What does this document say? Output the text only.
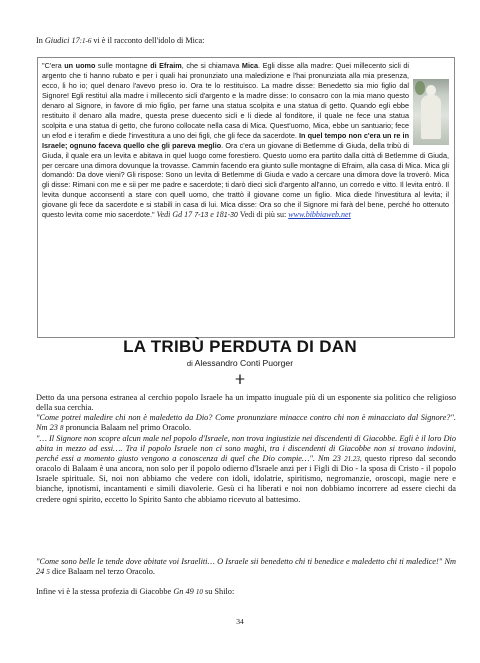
In Giudici 17:1-6 vi è il racconto dell'idolo di Mica:
"C'era un uomo sulle montagne di Efraim, che si chiamava Mica. Egli disse alla madre: Quei millecento sicli di argento che ti hanno rubato e per i quali hai pronunziato una maledizione e l'hai pronunziata alla mia presenza, ecco, li ho io; quel denaro l'avevo preso io. Ora te lo restituisco. La madre disse: Benedetto sia mio figlio dal Signore! Egli restituì alla madre i millecento sicli d'argento e la madre disse: Io consacro con la mia mano questo denaro al Signore, in favore di mio figlio, per farne una statua scolpita e una statua di getto. Quando egli ebbe restituito il denaro alla madre, questa prese duecento sicli e li diede al fonditore, il quale ne fece una statua scolpita e una statua di getto, che furono collocate nella casa di Mica. Quest'uomo, Mica, ebbe un santuario; fece un efod e i terafim e diede l'investitura a uno dei figli, che gli fece da sacerdote. In quel tempo non c'era un re in Israele; ognuno faceva quello che gli pareva meglio. Ora c'era un giovane di Betlemme di Giuda, della tribù di Giuda, il quale era un levita e abitava in quel luogo come forestiero. Questo uomo era partito dalla città di Betlemme di Giuda, per cercare una dimora dovunque la trovasse. Cammin facendo era giunto sulle montagne di Efraim, alla casa di Mica. Mica gli domandò: Da dove vieni? Gli rispose: Sono un levita di Betlemme di Giuda e vado a cercare una dimora dove la troverò. Mica gli disse: Rimani con me e sii per me padre e sacerdote; ti darò dieci sicli d'argento all'anno, un corredo e vitto. Il levita entrò. Il levita dunque acconsentì a stare con quell uomo, che trattò il giovane come un figlio. Mica diede l'investitura al levita; il giovane gli fece da sacerdote e si stabilì in casa di lui. Mica disse: Ora so che il Signore mi farà del bene, perché ho ottenuto questo levita come mio sacerdote." Vedi Gd 17 7-13 e 181-30 Vedi di più su: www.bibbiaweb.net
LA TRIBÙ PERDUTA DI DAN
di Alessandro Conti Puorger
ⵜ
Detto da una persona estranea al cerchio popolo Israele ha un impatto inuguale più di un esponente sia politico che religioso della sua cerchia.
"Come potrei maledire chi non è maledetto da Dio? Come pronunziare minacce contro chi non è minacciato dal Signore?". Nm 23 8 pronuncia Balaam nel primo Oracolo.
"… Il Signore non scopre alcun male nel popolo d'Israele, non trova ingiustizie nei discendenti di Giacobbe. Egli è il loro Dio abita in mezzo ad essi…. Tra il popolo Israele non ci sono maghi, tra i discendenti di Giacobbe non si trovano indovini, perché essi a momento giusto vengono a conoscenza di quel che Dio compie…". Nm 23 21.23, questo ripreso dal secondo oracolo di Balaam è una ancora, non solo per il popolo odierno d'Israele anzi per i Figli di Dio - la sposa di Cristo - il popolo Israele spirituale. Si, noi non abbiamo che vedere con idoli, idolatrie, spiritismo, negromanzie, oroscopi, magie nere e bianche, ipnotismi, incantamenti e simili diavolerie. Gesù ci ha liberati e noi non dobbiamo incorrere ad essere ciechi da credere ogni spirito, eccetto lo Spirito Santo che abbiamo ricevuto al battesimo.
"Come sono belle le tende dove abitate voi Israeliti… O Israele sii benedetto chi ti benedice e maledetto chi ti maledice!" Nm 24 5 dice Balaam nel terzo Oracolo.
Infine vi è la stessa profezia di Giacobbe Gn 49 10 su Shilo:
34
